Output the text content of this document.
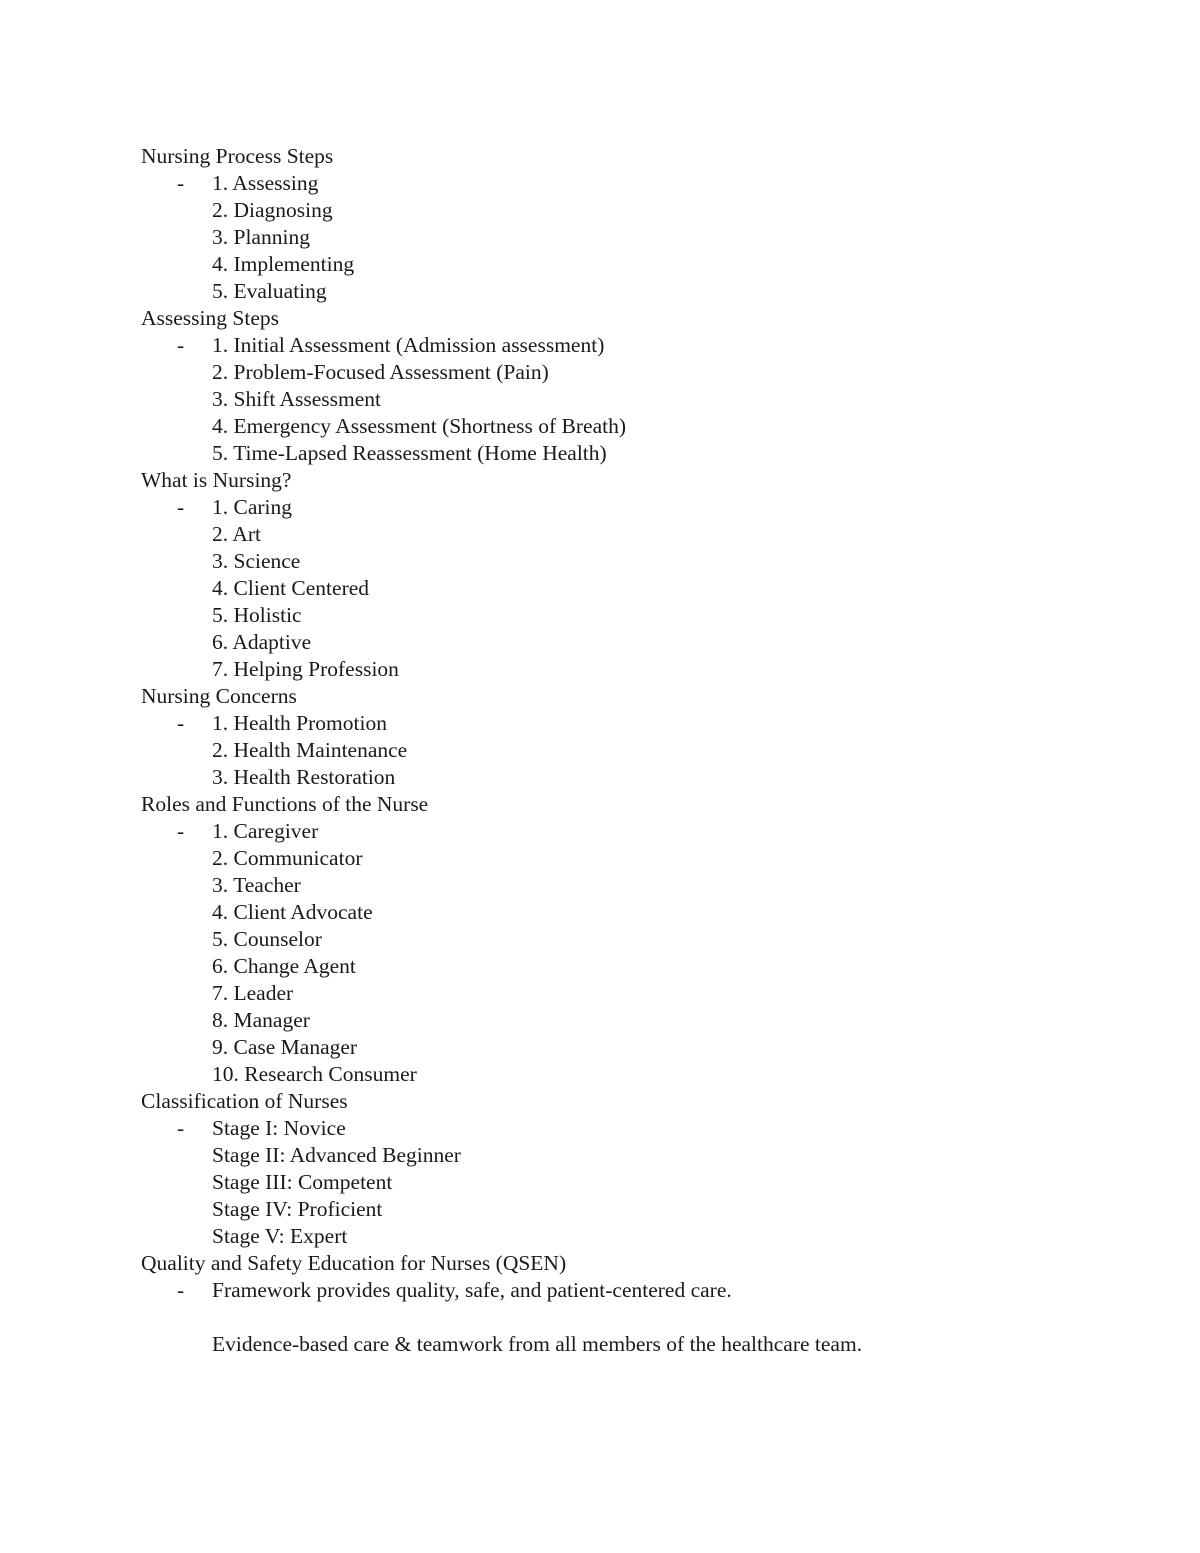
Nursing Process Steps
-	1. Assessing
2. Diagnosing
3. Planning
4. Implementing
5. Evaluating
Assessing Steps
-	1. Initial Assessment (Admission assessment)
2. Problem-Focused Assessment (Pain)
3. Shift Assessment
4. Emergency Assessment (Shortness of Breath)
5. Time-Lapsed Reassessment (Home Health)
What is Nursing?
-	1. Caring
2. Art
3. Science
4. Client Centered
5. Holistic
6. Adaptive
7. Helping Profession
Nursing Concerns
-	1. Health Promotion
2. Health Maintenance
3. Health Restoration
Roles and Functions of the Nurse
-	1. Caregiver
2. Communicator
3. Teacher
4. Client Advocate
5. Counselor
6. Change Agent
7. Leader
8. Manager
9. Case Manager
10. Research Consumer
Classification of Nurses
-	Stage I: Novice
Stage II: Advanced Beginner
Stage III: Competent
Stage IV: Proficient
Stage V: Expert
Quality and Safety Education for Nurses (QSEN)
-	Framework provides quality, safe, and patient-centered care.
Evidence-based care & teamwork from all members of the healthcare team.
